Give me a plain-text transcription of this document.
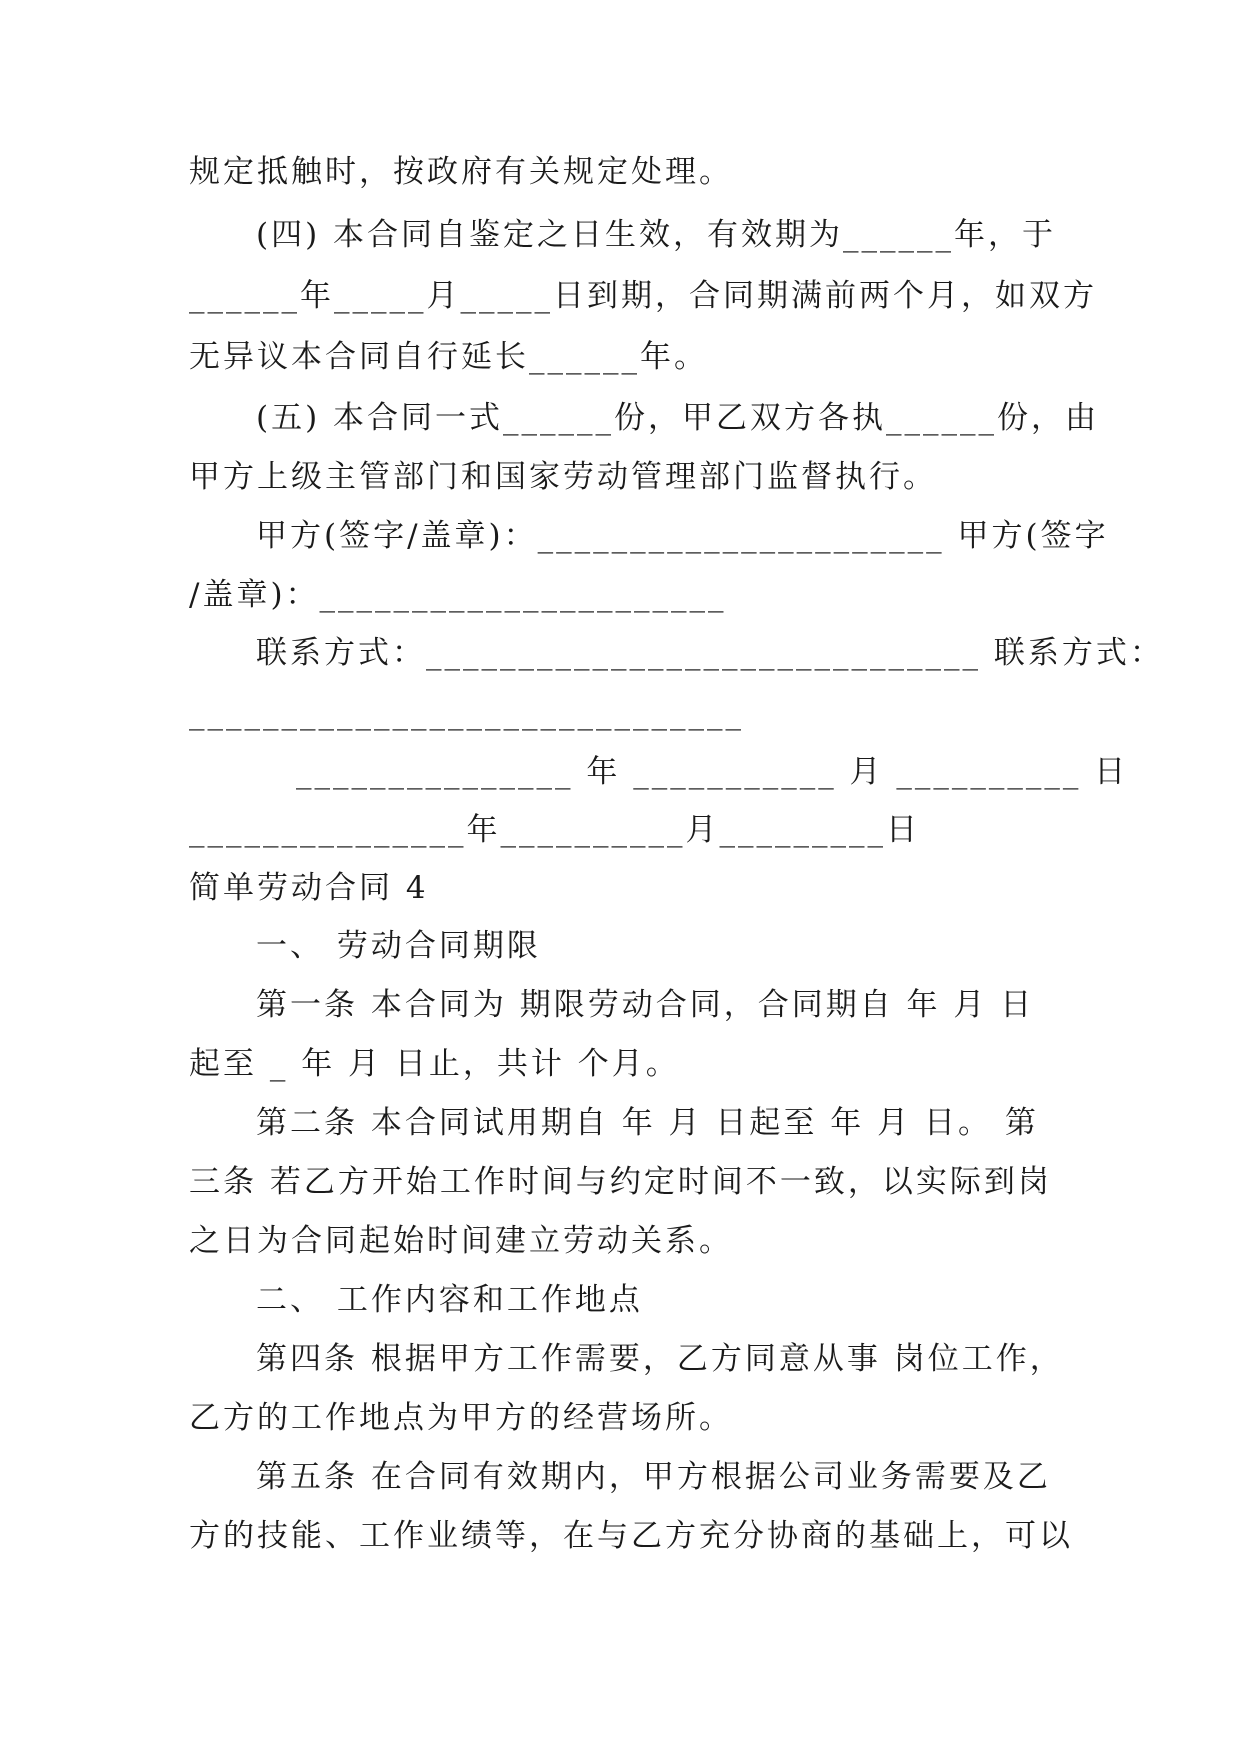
规定抵触时，按政府有关规定处理。
(四) 本合同自鉴定之日生效，有效期为______年，于
______年_____月_____日到期，合同期满前两个月，如双方
无异议本合同自行延长______年。
(五) 本合同一式______份，甲乙双方各执______份，由
甲方上级主管部门和国家劳动管理部门监督执行。
甲方(签字/盖章)：______________________ 甲方(签字
/盖章)：______________________
联系方式：______________________________ 联系方式：
______________________________
_______________ 年 ___________ 月 __________ 日
_______________年__________月_________日
简单劳动合同 4
一、 劳动合同期限
第一条 本合同为 期限劳动合同，合同期自 年 月 日
起至 _ 年 月 日止，共计 个月。
第二条 本合同试用期自 年 月 日起至 年 月 日。 第
三条 若乙方开始工作时间与约定时间不一致，以实际到岗
之日为合同起始时间建立劳动关系。
二、 工作内容和工作地点
第四条 根据甲方工作需要，乙方同意从事 岗位工作，
乙方的工作地点为甲方的经营场所。
第五条 在合同有效期内，甲方根据公司业务需要及乙
方的技能、工作业绩等，在与乙方充分协商的基础上，可以
